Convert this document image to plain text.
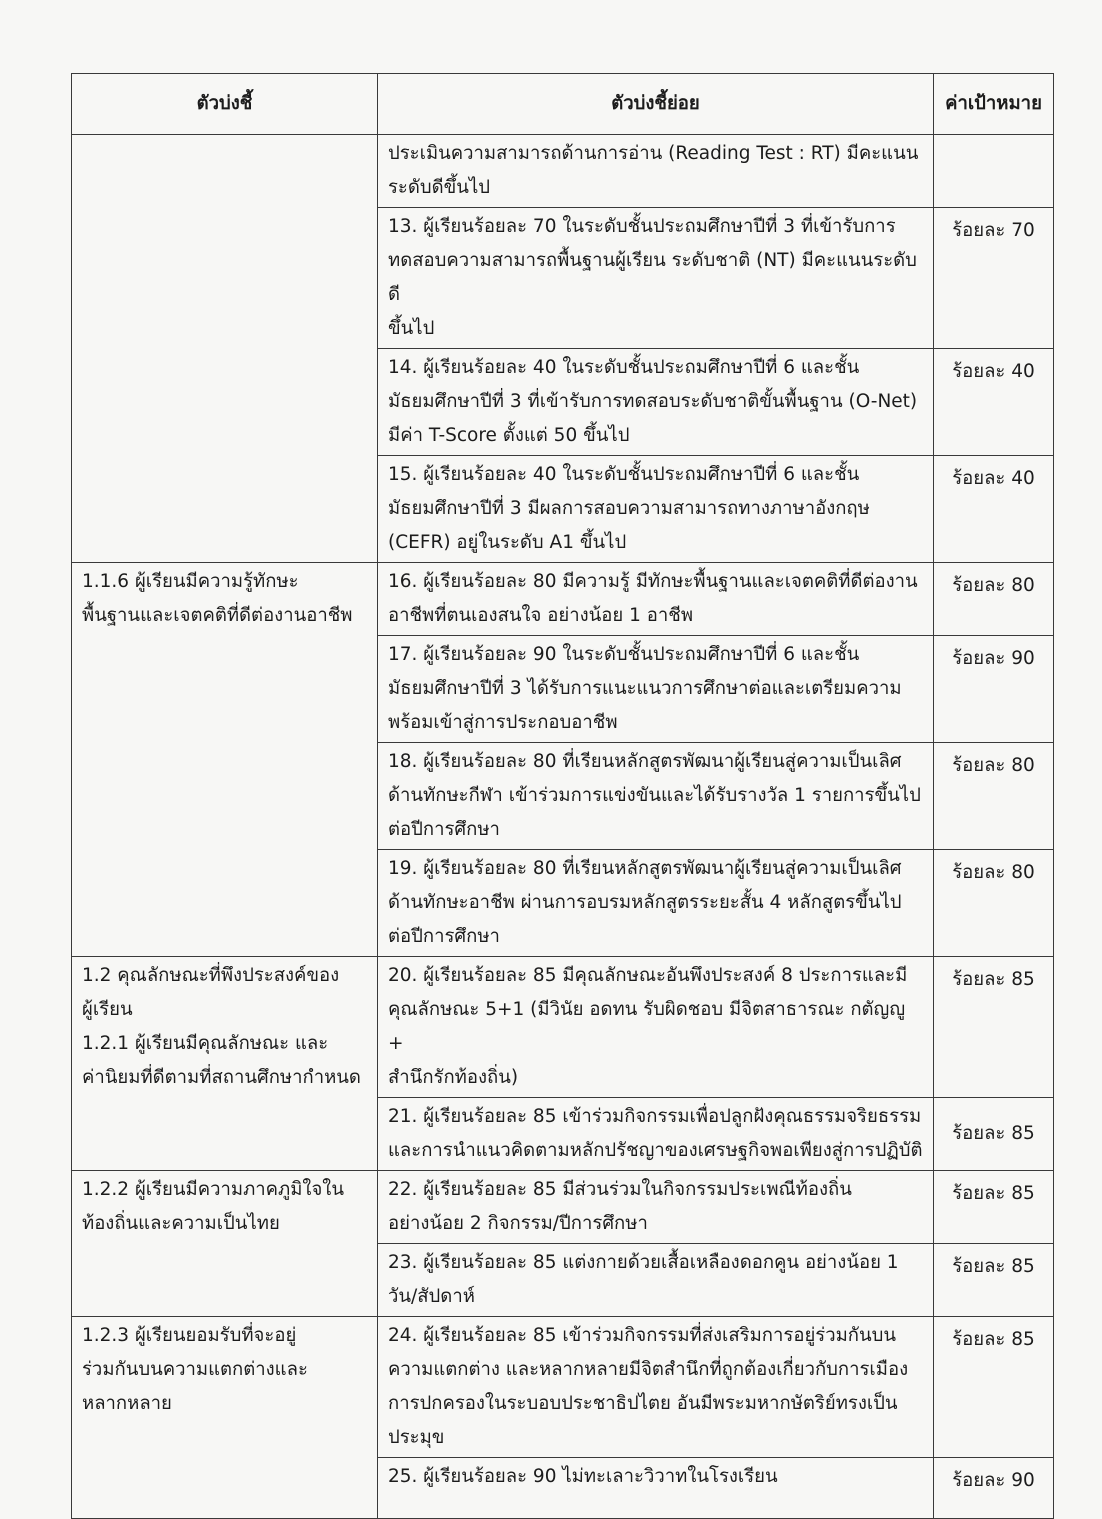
ตัวบ่งชี้	ตัวบ่งชี้ย่อย	ค่าเป้าหมาย
	ประเมินความสามารถด้านการอ่าน (Reading Test : RT) มีคะแนน
ระดับดีขึ้นไป	
	13. ผู้เรียนร้อยละ 70 ในระดับชั้นประถมศึกษาปีที่ 3 ที่เข้ารับการ
ทดสอบความสามารถพื้นฐานผู้เรียน ระดับชาติ (NT) มีคะแนนระดับดี
ขึ้นไป	ร้อยละ 70
	14. ผู้เรียนร้อยละ 40 ในระดับชั้นประถมศึกษาปีที่ 6 และชั้น
มัธยมศึกษาปีที่ 3 ที่เข้ารับการทดสอบระดับชาติขั้นพื้นฐาน (O-Net)
มีค่า T-Score ตั้งแต่ 50 ขึ้นไป	ร้อยละ 40
	15. ผู้เรียนร้อยละ 40 ในระดับชั้นประถมศึกษาปีที่ 6 และชั้น
มัธยมศึกษาปีที่ 3 มีผลการสอบความสามารถทางภาษาอังกฤษ
(CEFR) อยู่ในระดับ A1 ขึ้นไป	ร้อยละ 40
1.1.6 ผู้เรียนมีความรู้ทักษะ
พื้นฐานและเจตคติที่ดีต่องานอาชีพ	16. ผู้เรียนร้อยละ 80 มีความรู้ มีทักษะพื้นฐานและเจตคติที่ดีต่องาน
อาชีพที่ตนเองสนใจ อย่างน้อย 1 อาชีพ	ร้อยละ 80
	17. ผู้เรียนร้อยละ 90 ในระดับชั้นประถมศึกษาปีที่ 6 และชั้น
มัธยมศึกษาปีที่ 3 ได้รับการแนะแนวการศึกษาต่อและเตรียมความ
พร้อมเข้าสู่การประกอบอาชีพ	ร้อยละ 90
	18. ผู้เรียนร้อยละ 80 ที่เรียนหลักสูตรพัฒนาผู้เรียนสู่ความเป็นเลิศ
ด้านทักษะกีฬา เข้าร่วมการแข่งขันและได้รับรางวัล 1 รายการขึ้นไป
ต่อปีการศึกษา	ร้อยละ 80
	19. ผู้เรียนร้อยละ 80 ที่เรียนหลักสูตรพัฒนาผู้เรียนสู่ความเป็นเลิศ
ด้านทักษะอาชีพ ผ่านการอบรมหลักสูตรระยะสั้น 4 หลักสูตรขึ้นไป
ต่อปีการศึกษา	ร้อยละ 80
1.2 คุณลักษณะที่พึงประสงค์ของ
ผู้เรียน
1.2.1 ผู้เรียนมีคุณลักษณะ และ
ค่านิยมที่ดีตามที่สถานศึกษากำหนด	20. ผู้เรียนร้อยละ 85 มีคุณลักษณะอันพึงประสงค์ 8 ประการและมี
คุณลักษณะ 5+1 (มีวินัย อดทน รับผิดชอบ มีจิตสาธารณะ กตัญญู +
สำนึกรักท้องถิ่น)	ร้อยละ 85
	21. ผู้เรียนร้อยละ 85 เข้าร่วมกิจกรรมเพื่อปลูกฝังคุณธรรมจริยธรรม
และการนำแนวคิดตามหลักปรัชญาของเศรษฐกิจพอเพียงสู่การปฏิบัติ	ร้อยละ 85
1.2.2 ผู้เรียนมีความภาคภูมิใจใน
ท้องถิ่นและความเป็นไทย	22. ผู้เรียนร้อยละ 85 มีส่วนร่วมในกิจกรรมประเพณีท้องถิ่น
อย่างน้อย 2 กิจกรรม/ปีการศึกษา	ร้อยละ 85
	23. ผู้เรียนร้อยละ 85 แต่งกายด้วยเสื้อเหลืองดอกคูน อย่างน้อย 1
วัน/สัปดาห์	ร้อยละ 85
1.2.3 ผู้เรียนยอมรับที่จะอยู่
ร่วมกันบนความแตกต่างและ
หลากหลาย	24. ผู้เรียนร้อยละ 85 เข้าร่วมกิจกรรมที่ส่งเสริมการอยู่ร่วมกันบน
ความแตกต่าง และหลากหลายมีจิตสำนึกที่ถูกต้องเกี่ยวกับการเมือง
การปกครองในระบอบประชาธิปไตย อันมีพระมหากษัตริย์ทรงเป็น
ประมุข	ร้อยละ 85
	25. ผู้เรียนร้อยละ 90 ไม่ทะเลาะวิวาทในโรงเรียน	ร้อยละ 90
